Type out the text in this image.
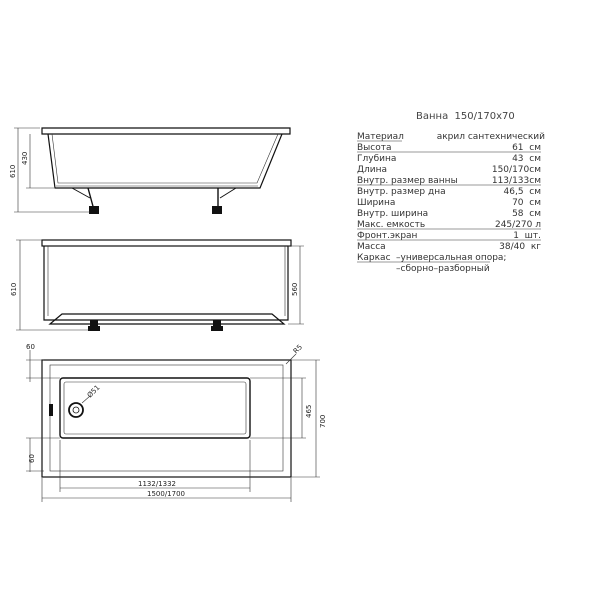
610
430
610	560
Ø51
R5
60
60
465
700
1132/1332
1500/1700
Ванна  150/170x70
Материал	акрил сантехнический
Высота	61  см
Глубина	43  см
Длина	150/170см
Внутр. размер ванны	113/133см
Внутр. размер дна	46,5  см
Ширина	70  см
Внутр. ширина	58  см
Макс. емкость	245/270 л
Фронт.экран	1  шт.
Масса	38/40  кг
Каркас –универсальная опора;
–сборно–разборный
